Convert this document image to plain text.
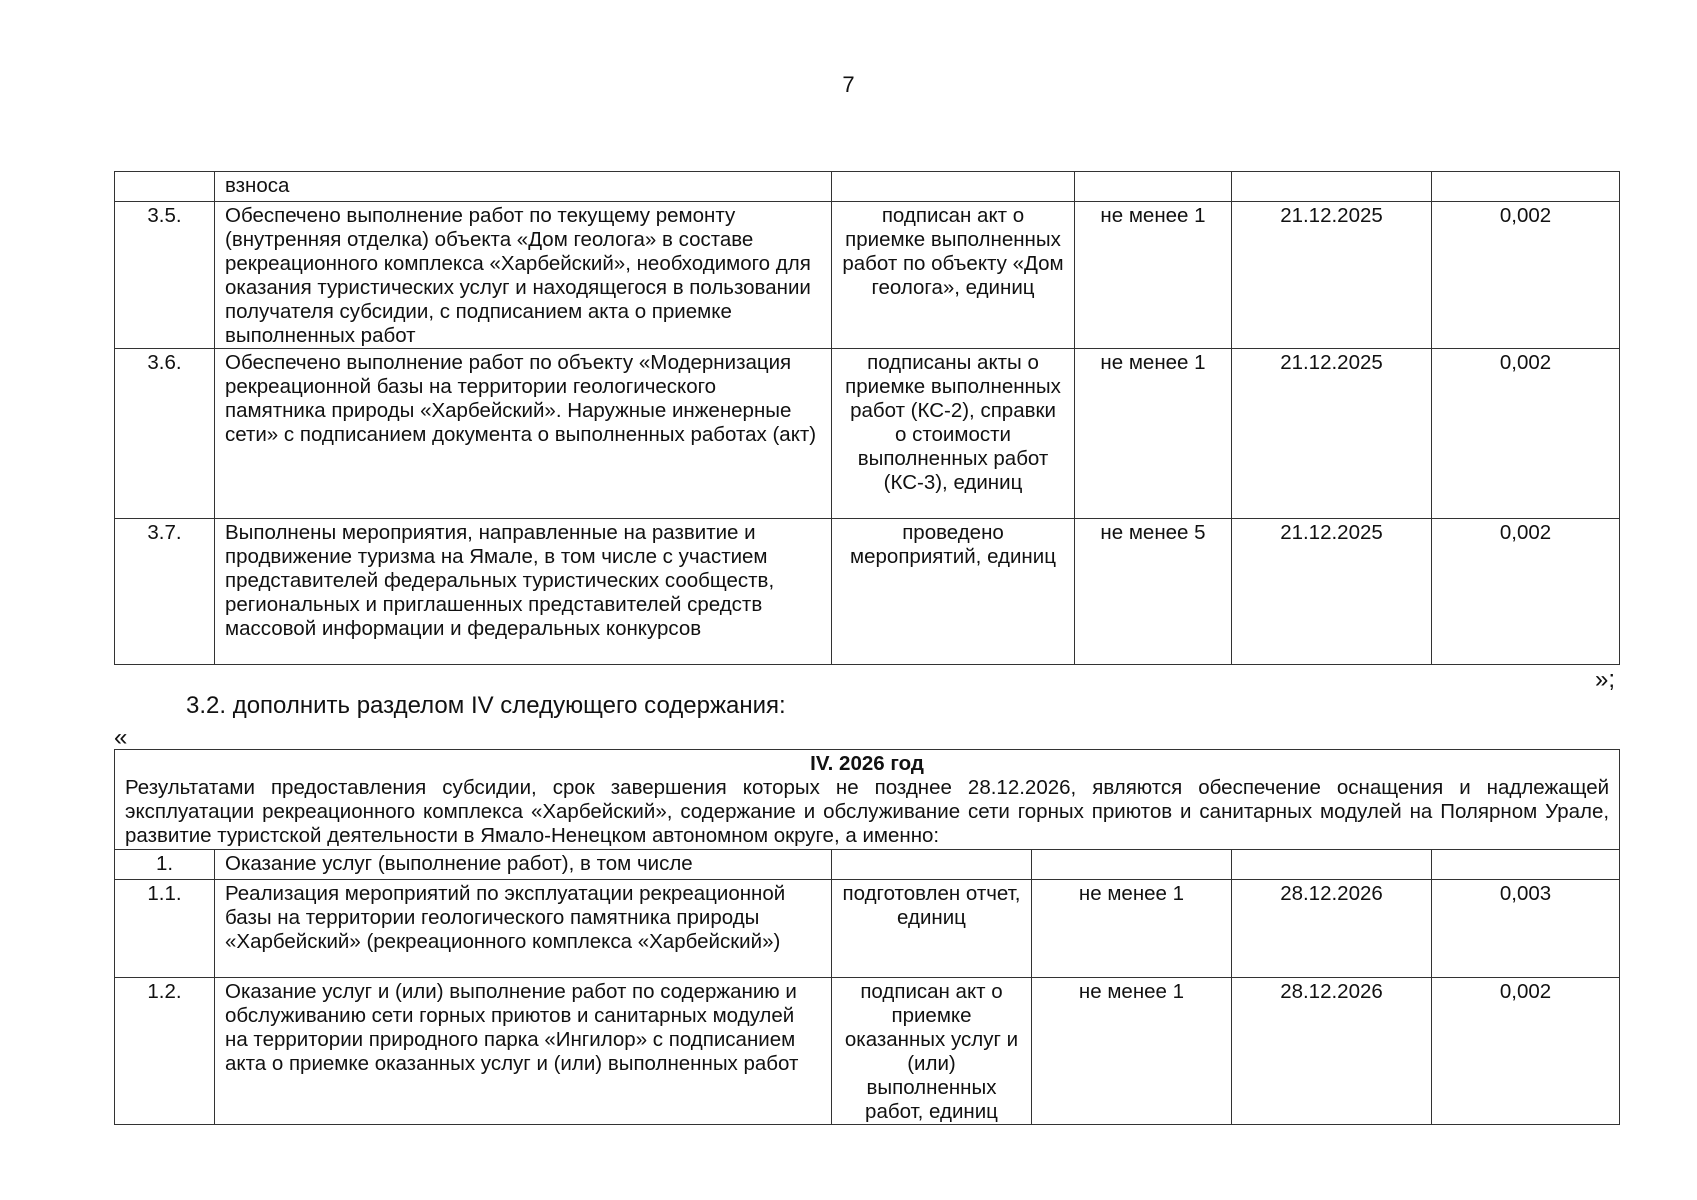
7
	взноса				
3.5.	Обеспечено выполнение работ по текущему ремонту (внутренняя отделка) объекта «Дом геолога» в составе рекреационного комплекса «Харбейский», необходимого для оказания туристических услуг и находящегося в пользовании получателя субсидии, с подписанием акта о приемке выполненных работ	подписан акт о приемке выполненных работ по объекту «Дом геолога», единиц	не менее 1	21.12.2025	0,002
3.6.	Обеспечено выполнение работ по объекту «Модернизация рекреационной базы на территории геологического памятника природы «Харбейский». Наружные инженерные сети» с подписанием документа о выполненных работах (акт)	подписаны акты о приемке выполненных работ (КС-2), справки о стоимости выполненных работ (КС-3), единиц	не менее 1	21.12.2025	0,002
3.7.	Выполнены мероприятия, направленные на развитие и продвижение туризма на Ямале, в том числе с участием представителей федеральных туристических сообществ, региональных и приглашенных представителей средств массовой информации и федеральных конкурсов	проведено мероприятий, единиц	не менее 5	21.12.2025	0,002
»;
3.2. дополнить разделом IV следующего содержания:
«
IV. 2026 год
Результатами предоставления субсидии, срок завершения которых не позднее 28.12.2026, являются обеспечение оснащения и надлежащей эксплуатации рекреационного комплекса «Харбейский», содержание и обслуживание сети горных приютов и санитарных модулей на Полярном Урале, развитие туристской деятельности в Ямало-Ненецком автономном округе, а именно:					

1.	Оказание услуг (выполнение работ), в том числе				
1.1.	Реализация мероприятий по эксплуатации рекреационной базы на территории геологического памятника природы «Харбейский» (рекреационного комплекса «Харбейский»)	подготовлен отчет, единиц	не менее 1	28.12.2026	0,003
1.2.	Оказание услуг и (или) выполнение работ по содержанию и обслуживанию сети горных приютов и санитарных модулей на территории природного парка «Ингилор» с подписанием акта о приемке оказанных услуг и (или) выполненных работ	подписан акт о приемке оказанных услуг и (или) выполненных работ, единиц	не менее 1	28.12.2026	0,002
